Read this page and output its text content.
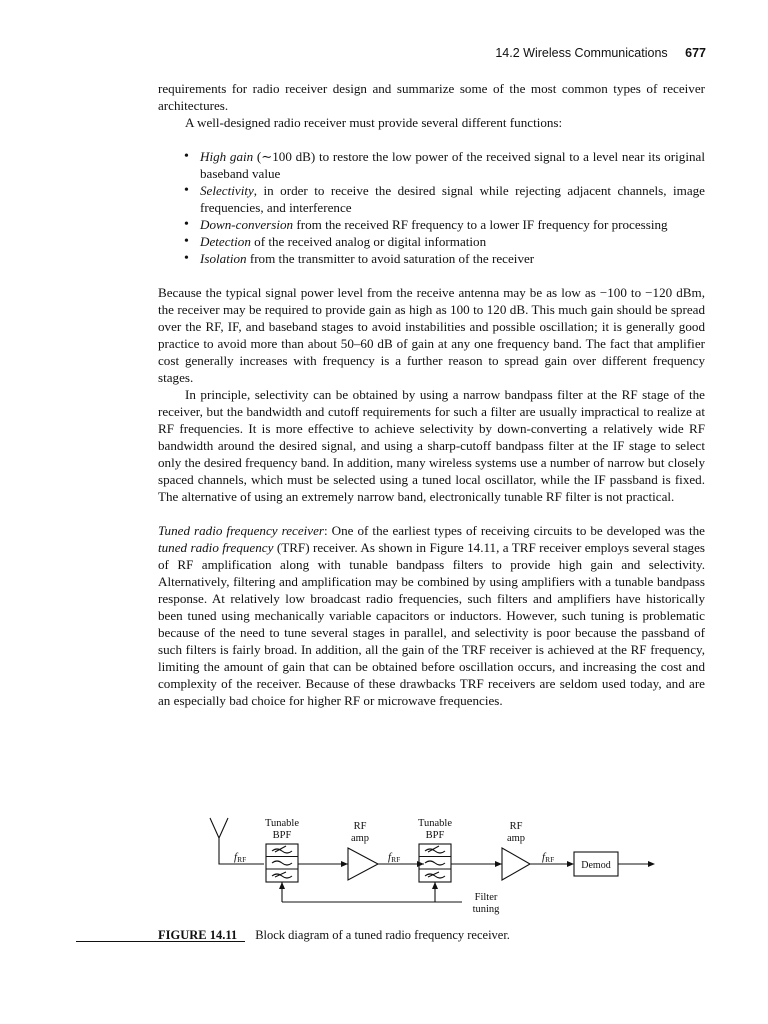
14.2 Wireless Communications 677

requirements for radio receiver design and summarize some of the most common types of receiver architectures.

A well-designed radio receiver must provide several different functions:

• High gain (∼100 dB) to restore the low power of the received signal to a level near its original baseband value
• Selectivity, in order to receive the desired signal while rejecting adjacent channels, image frequencies, and interference
• Down-conversion from the received RF frequency to a lower IF frequency for processing
• Detection of the received analog or digital information
• Isolation from the transmitter to avoid saturation of the receiver

Because the typical signal power level from the receive antenna may be as low as −100 to −120 dBm, the receiver may be required to provide gain as high as 100 to 120 dB. This much gain should be spread over the RF, IF, and baseband stages to avoid instabilities and possible oscillation; it is generally good practice to avoid more than about 50–60 dB of gain at any one frequency band. The fact that amplifier cost generally increases with frequency is a further reason to spread gain over different frequency stages.

In principle, selectivity can be obtained by using a narrow bandpass filter at the RF stage of the receiver, but the bandwidth and cutoff requirements for such a filter are usually impractical to realize at RF frequencies. It is more effective to achieve selectivity by down-converting a relatively wide RF bandwidth around the desired signal, and using a sharp-cutoff bandpass filter at the IF stage to select only the desired frequency band. In addition, many wireless systems use a number of narrow but closely spaced channels, which must be selected using a tuned local oscillator, while the IF passband is fixed. The alternative of using an extremely narrow band, electronically tunable RF filter is not practical.

Tuned radio frequency receiver: One of the earliest types of receiving circuits to be developed was the tuned radio frequency (TRF) receiver. As shown in Figure 14.11, a TRF receiver employs several stages of RF amplification along with tunable bandpass filters to provide high gain and selectivity. Alternatively, filtering and amplification may be combined by using amplifiers with a tunable bandpass response. At relatively low broadcast radio frequencies, such filters and amplifiers have historically been tuned using mechanically variable capacitors or inductors. However, such tuning is problematic because of the need to tune several stages in parallel, and selectivity is poor because the passband of such filters is fairly broad. In addition, all the gain of the TRF receiver is achieved at the RF frequency, limiting the amount of gain that can be obtained before oscillation occurs, and increasing the cost and complexity of the receiver. Because of these drawbacks TRF receivers are seldom used today, and are an especially bad choice for higher RF or microwave frequencies.

Tunable
BPF
RF
amp
Tunable
BPF
RF
amp
Demod
Filter
tuning
fRF	fRF	fRF
FIGURE 14.11 Block diagram of a tuned radio frequency receiver.
